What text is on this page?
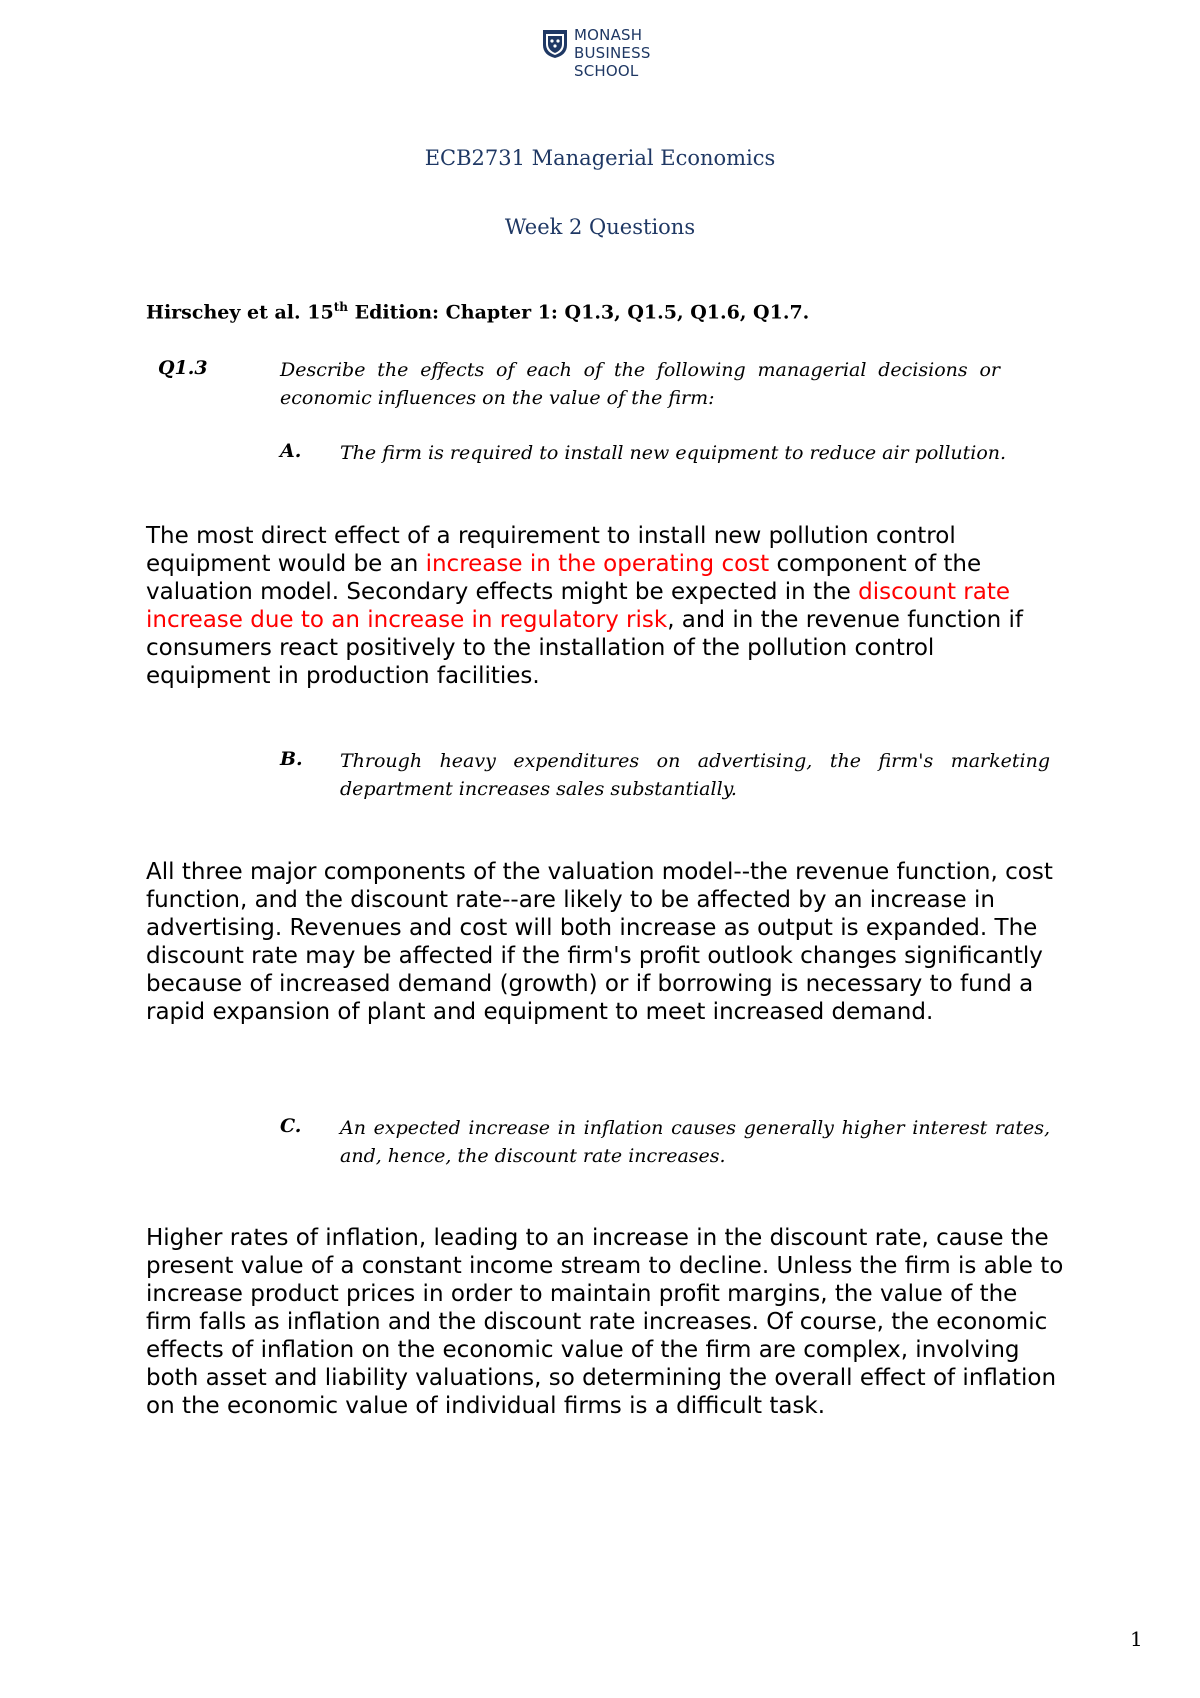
MONASH
BUSINESS
SCHOOL
ECB2731 Managerial Economics
Week 2 Questions
Hirschey et al. 15th Edition: Chapter 1: Q1.3, Q1.5, Q1.6, Q1.7.
Q1.3	Describe the effects of each of the following managerial decisions or economic influences on the value of the firm:
A. The firm is required to install new equipment to reduce air pollution.
The most direct effect of a requirement to install new pollution control equipment would be an increase in the operating cost component of the valuation model. Secondary effects might be expected in the discount rate increase due to an increase in regulatory risk, and in the revenue function if consumers react positively to the installation of the pollution control equipment in production facilities.
B. Through heavy expenditures on advertising, the firm's marketing department increases sales substantially.
All three major components of the valuation model--the revenue function, cost function, and the discount rate--are likely to be affected by an increase in advertising. Revenues and cost will both increase as output is expanded. The discount rate may be affected if the firm's profit outlook changes significantly because of increased demand (growth) or if borrowing is necessary to fund a rapid expansion of plant and equipment to meet increased demand.
C. An expected increase in inflation causes generally higher interest rates, and, hence, the discount rate increases.
Higher rates of inflation, leading to an increase in the discount rate, cause the present value of a constant income stream to decline. Unless the firm is able to increase product prices in order to maintain profit margins, the value of the firm falls as inflation and the discount rate increases. Of course, the economic effects of inflation on the economic value of the firm are complex, involving both asset and liability valuations, so determining the overall effect of inflation on the economic value of individual firms is a difficult task.
1
